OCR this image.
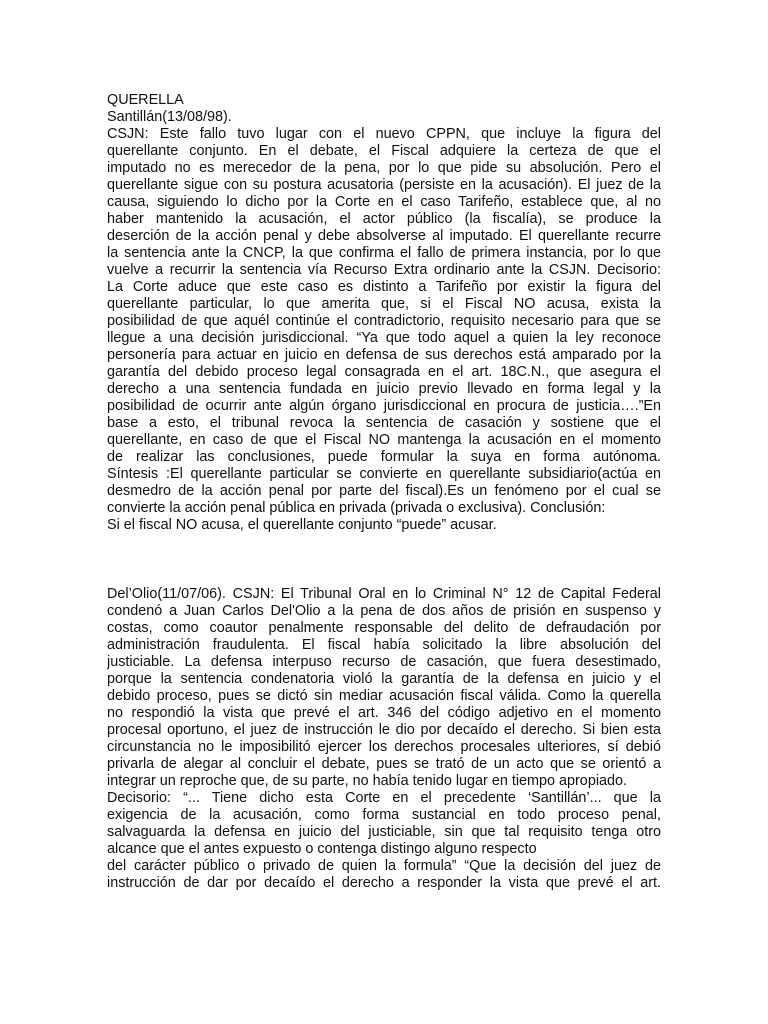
QUERELLA
Santillán(13/08/98).
CSJN: Este fallo tuvo lugar con el nuevo CPPN, que incluye la figura del
querellante conjunto. En el debate, el Fiscal adquiere la certeza de que el
imputado no es merecedor de la pena, por lo que pide su absolución. Pero el
querellante sigue con su postura acusatoria (persiste en la acusación). El juez de la
causa, siguiendo lo dicho por la Corte en el caso Tarifeño, establece que, al no
haber mantenido la acusación, el actor público (la fiscalía), se produce la
deserción de la acción penal y debe absolverse al imputado. El querellante recurre
la sentencia ante la CNCP, la que confirma el fallo de primera instancia, por lo que
vuelve a recurrir la sentencia vía Recurso Extra ordinario ante la CSJN. Decisorio:
La Corte aduce que este caso es distinto a Tarifeño por existir la figura del
querellante particular, lo que amerita que, si el Fiscal NO acusa, exista la
posibilidad de que aquél continúe el contradictorio, requisito necesario para que se
llegue a una decisión jurisdiccional. “Ya que todo aquel a quien la ley reconoce
personería para actuar en juicio en defensa de sus derechos está amparado por la
garantía del debido proceso legal consagrada en el art. 18C.N., que asegura el
derecho a una sentencia fundada en juicio previo llevado en forma legal y la
posibilidad de ocurrir ante algún órgano jurisdiccional en procura de justicia….”En
base a esto, el tribunal revoca la sentencia de casación y sostiene que el
querellante, en caso de que el Fiscal NO mantenga la acusación en el momento
de realizar las conclusiones, puede formular la suya en forma autónoma.
Síntesis :El querellante particular se convierte en querellante subsidiario(actúa en
desmedro de la acción penal por parte del fiscal).Es un fenómeno por el cual se
convierte la acción penal pública en privada (privada o exclusiva). Conclusión:
Si el fiscal NO acusa, el querellante conjunto “puede” acusar.
Del’Olio(11/07/06). CSJN: El Tribunal Oral en lo Criminal N° 12 de Capital Federal
condenó a Juan Carlos Del'Olio a la pena de dos años de prisión en suspenso y
costas, como coautor penalmente responsable del delito de defraudación por
administración fraudulenta. El fiscal había solicitado la libre absolución del
justiciable. La defensa interpuso recurso de casación, que fuera desestimado,
porque la sentencia condenatoria violó la garantía de la defensa en juicio y el
debido proceso, pues se dictó sin mediar acusación fiscal válida. Como la querella
no respondió la vista que prevé el art. 346 del código adjetivo en el momento
procesal oportuno, el juez de instrucción le dio por decaído el derecho. Si bien esta
circunstancia no le imposibilitó ejercer los derechos procesales ulteriores, sí debió
privarla de alegar al concluir el debate, pues se trató de un acto que se orientó a
integrar un reproche que, de su parte, no había tenido lugar en tiempo apropiado.
Decisorio: “... Tiene dicho esta Corte en el precedente ‘Santillán’... que la
exigencia de la acusación, como forma sustancial en todo proceso penal,
salvaguarda la defensa en juicio del justiciable, sin que tal requisito tenga otro
alcance que el antes expuesto o contenga distingo alguno respecto
del carácter público o privado de quien la formula” “Que la decisión del juez de
instrucción de dar por decaído el derecho a responder la vista que prevé el art.
